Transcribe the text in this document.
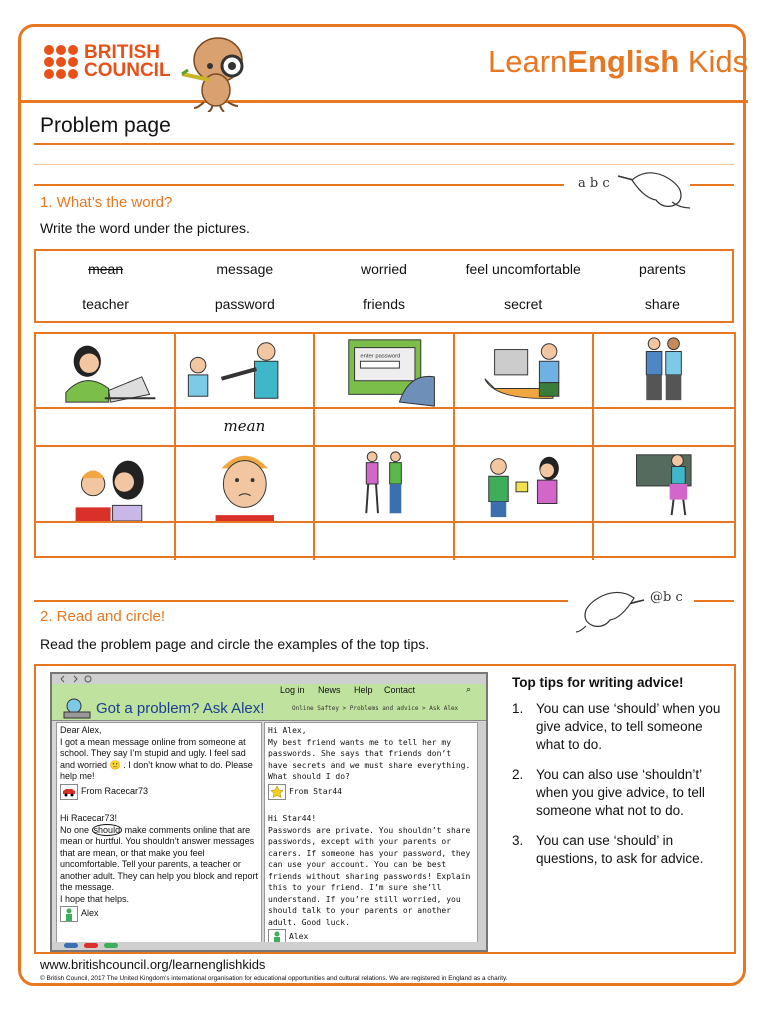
BRITISH
COUNCIL	LearnEnglish Kids
Problem page
a b c
1. What’s the word?
Write the word under the pictures.
mean	message	worried	feel uncomfortable	parents
teacher	password	friends	secret	share
enter password
mean
@b c
2. Read and circle!
Read the problem page and circle the examples of the top tips.
Log in News Help Contact	⌕
Got a problem? Ask Alex!	Online Saftey > Problems and advice > Ask Alex

Dear Alex,

I got a mean message online from someone at school. They say I’m stupid and ugly. I feel sad and worried 🙁 . I don’t know what to do. Please help me!

From Racecar73

Hi Racecar73!

No one should make comments online that are mean or hurtful. You shouldn’t answer messages that are mean, or that make you feel uncomfortable. Tell your parents, a teacher or another adult. They can help you block and report the message.

I hope that helps.

Alex

Hi Alex,

My best friend wants me to tell her my passwords. She says that friends don’t have secrets and we must share everything.

What should I do?

From Star44

Hi Star44!

Passwords are private. You shouldn’t share passwords, except with your parents or carers. If someone has your password, they can use your account. You can be best friends without sharing passwords! Explain this to your friend. I’m sure she’ll understand. If you’re still worried, you should talk to your parents or another adult. Good luck.

Alex
Top tips for writing advice!
1. You can use ‘should’ when you give advice, to tell someone what to do.
2. You can also use ‘shouldn’t’ when you give advice, to tell someone what not to do.
3. You can use ‘should’ in questions, to ask for advice.
www.britishcouncil.org/learnenglishkids
© British Council, 2017 The United Kingdom’s international organisation for educational opportunities and cultural relations. We are registered in England as a charity.
